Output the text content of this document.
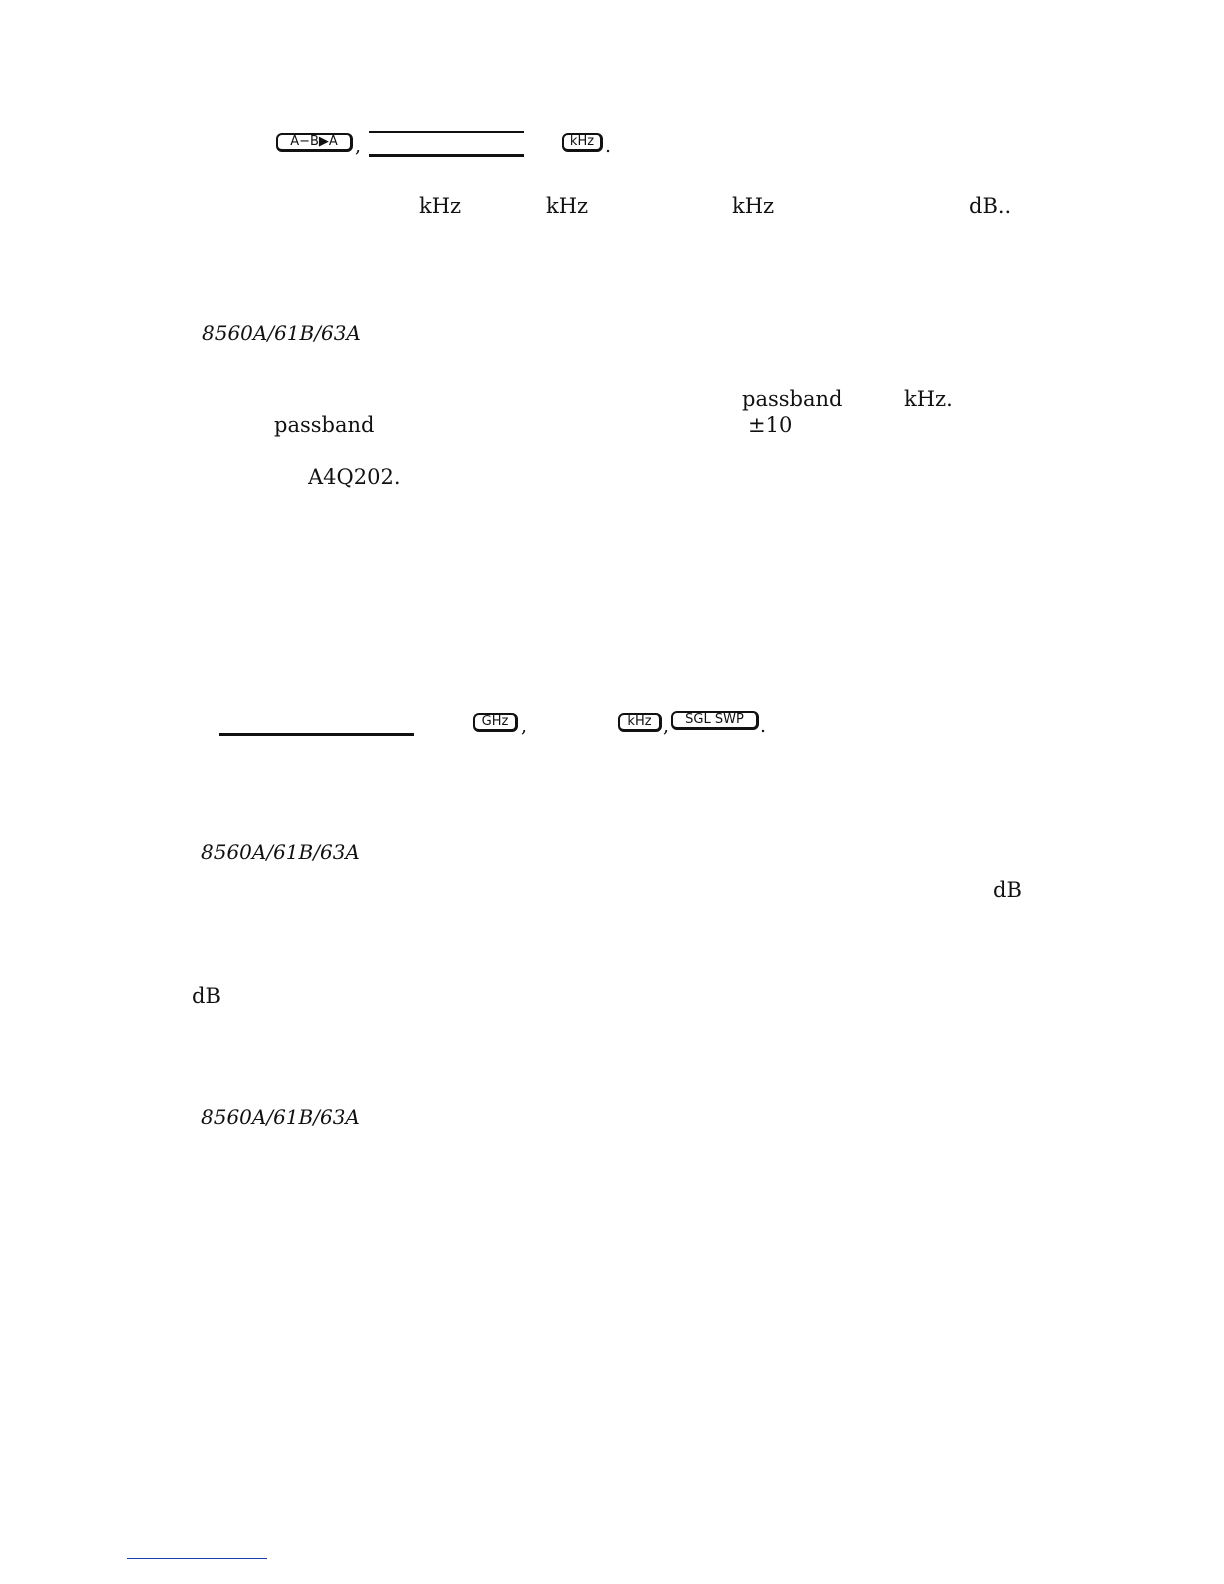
A−B▶A ,	kHz .
kHz	kHz	kHz	dB..
8560A/61B/63A
passband	kHz.
passband	±10
A4Q202.
GHz ,	kHz ,	SGL SWP .
8560A/61B/63A
dB
dB
8560A/61B/63A
